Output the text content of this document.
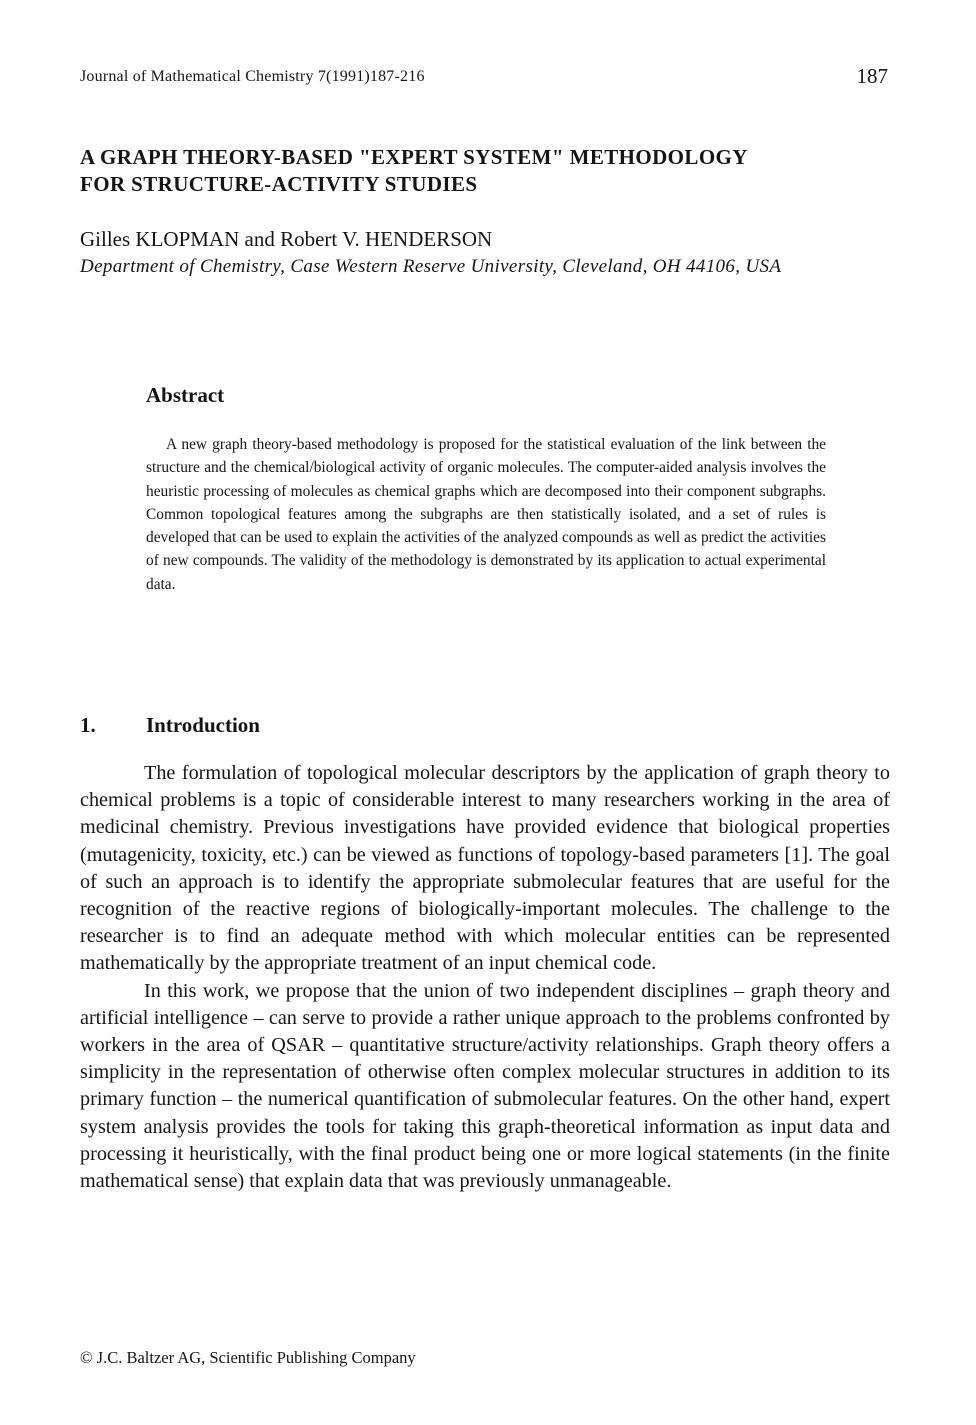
Journal of Mathematical Chemistry 7(1991)187-216	187
A GRAPH THEORY-BASED "EXPERT SYSTEM" METHODOLOGY
FOR STRUCTURE-ACTIVITY STUDIES
Gilles KLOPMAN and Robert V. HENDERSON
Department of Chemistry, Case Western Reserve University, Cleveland, OH 44106, USA
Abstract

A new graph theory-based methodology is proposed for the statistical evaluation of the link between the structure and the chemical/biological activity of organic molecules. The computer-aided analysis involves the heuristic processing of molecules as chemical graphs which are decomposed into their component subgraphs. Common topological features among the subgraphs are then statistically isolated, and a set of rules is developed that can be used to explain the activities of the analyzed compounds as well as predict the activities of new compounds. The validity of the methodology is demonstrated by its application to actual experimental data.

1. Introduction

The formulation of topological molecular descriptors by the application of graph theory to chemical problems is a topic of considerable interest to many researchers working in the area of medicinal chemistry. Previous investigations have provided evidence that biological properties (mutagenicity, toxicity, etc.) can be viewed as functions of topology-based parameters [1]. The goal of such an approach is to identify the appropriate submolecular features that are useful for the recognition of the reactive regions of biologically-important molecules. The challenge to the researcher is to find an adequate method with which molecular entities can be represented mathematically by the appropriate treatment of an input chemical code.

In this work, we propose that the union of two independent disciplines – graph theory and artificial intelligence – can serve to provide a rather unique approach to the problems confronted by workers in the area of QSAR – quantitative structure/activity relationships. Graph theory offers a simplicity in the representation of otherwise often complex molecular structures in addition to its primary function – the numerical quantification of submolecular features. On the other hand, expert system analysis provides the tools for taking this graph-theoretical information as input data and processing it heuristically, with the final product being one or more logical statements (in the finite mathematical sense) that explain data that was previously unmanageable.

© J.C. Baltzer AG, Scientific Publishing Company
